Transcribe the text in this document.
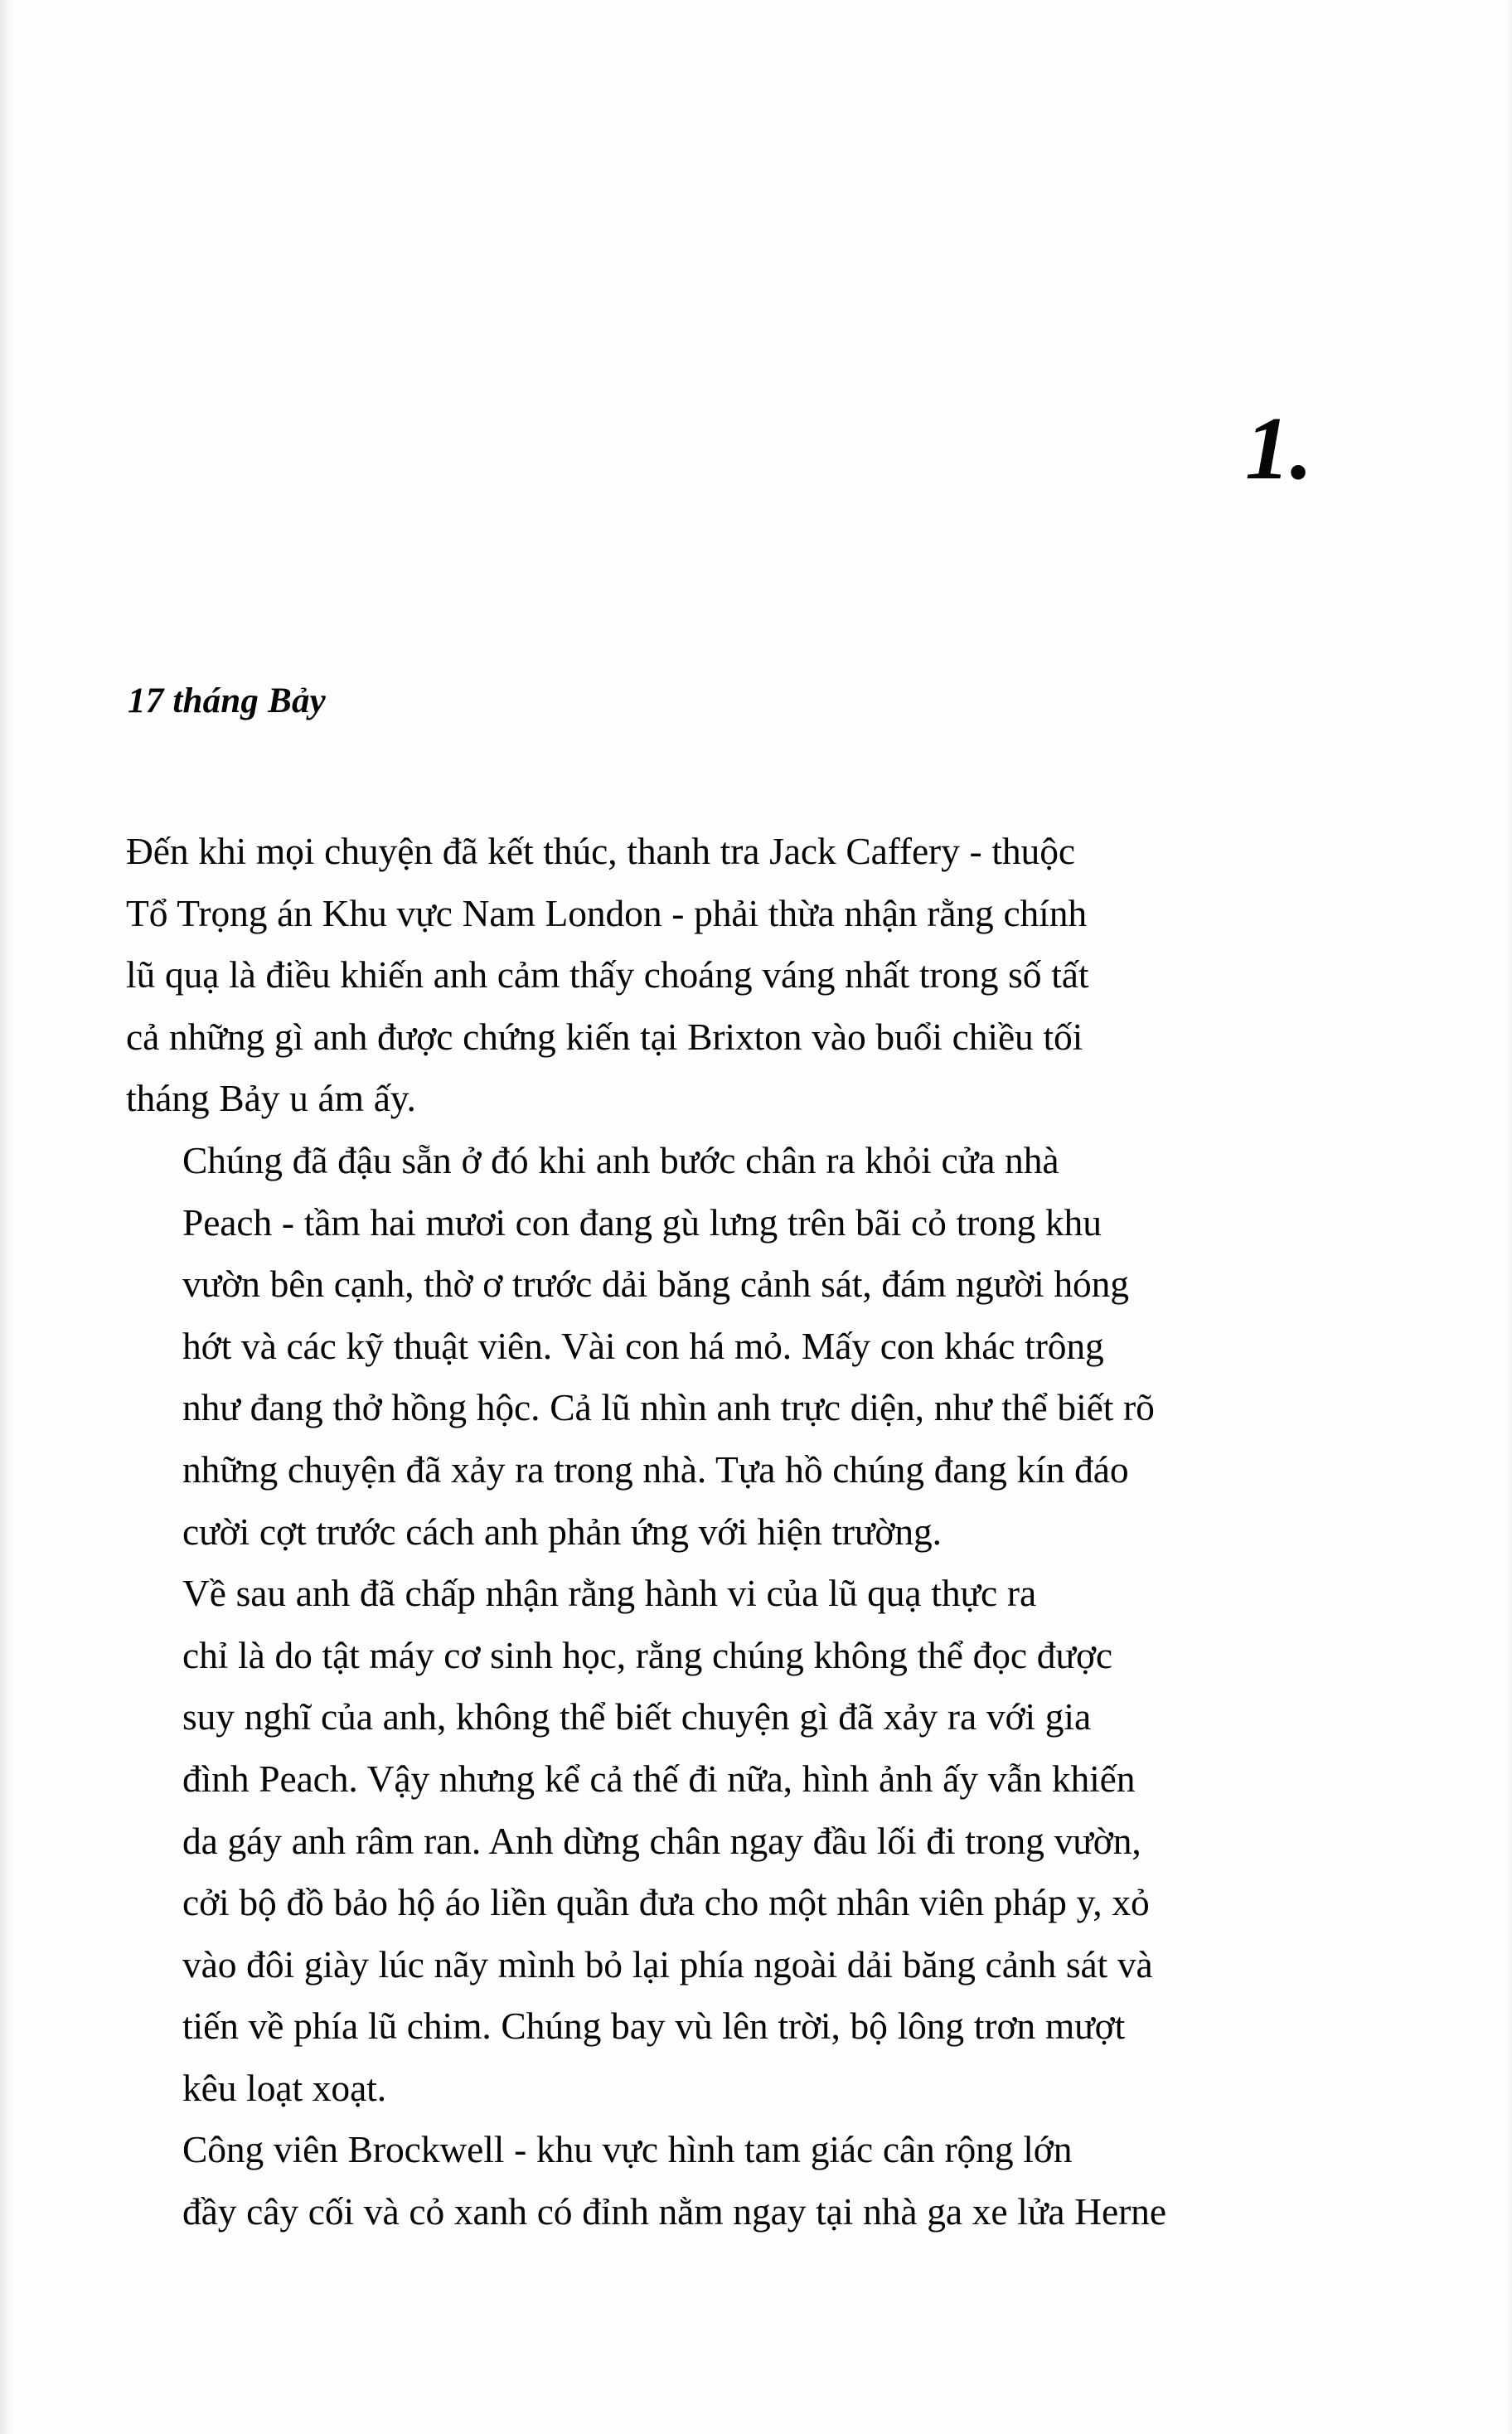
1.
17 tháng Bảy

Đến khi mọi chuyện đã kết thúc, thanh tra Jack Caffery - thuộc
Tổ Trọng án Khu vực Nam London - phải thừa nhận rằng chính
lũ quạ là điều khiến anh cảm thấy choáng váng nhất trong số tất
cả những gì anh được chứng kiến tại Brixton vào buổi chiều tối
tháng Bảy u ám ấy.

Chúng đã đậu sẵn ở đó khi anh bước chân ra khỏi cửa nhà
Peach - tầm hai mươi con đang gù lưng trên bãi cỏ trong khu
vườn bên cạnh, thờ ơ trước dải băng cảnh sát, đám người hóng
hớt và các kỹ thuật viên. Vài con há mỏ. Mấy con khác trông
như đang thở hồng hộc. Cả lũ nhìn anh trực diện, như thể biết rõ
những chuyện đã xảy ra trong nhà. Tựa hồ chúng đang kín đáo
cười cợt trước cách anh phản ứng với hiện trường.

Về sau anh đã chấp nhận rằng hành vi của lũ quạ thực ra
chỉ là do tật máy cơ sinh học, rằng chúng không thể đọc được
suy nghĩ của anh, không thể biết chuyện gì đã xảy ra với gia
đình Peach. Vậy nhưng kể cả thế đi nữa, hình ảnh ấy vẫn khiến
da gáy anh râm ran. Anh dừng chân ngay đầu lối đi trong vườn,
cởi bộ đồ bảo hộ áo liền quần đưa cho một nhân viên pháp y, xỏ
vào đôi giày lúc nãy mình bỏ lại phía ngoài dải băng cảnh sát và
tiến về phía lũ chim. Chúng bay vù lên trời, bộ lông trơn mượt
kêu loạt xoạt.

Công viên Brockwell - khu vực hình tam giác cân rộng lớn
đầy cây cối và cỏ xanh có đỉnh nằm ngay tại nhà ga xe lửa Herne
